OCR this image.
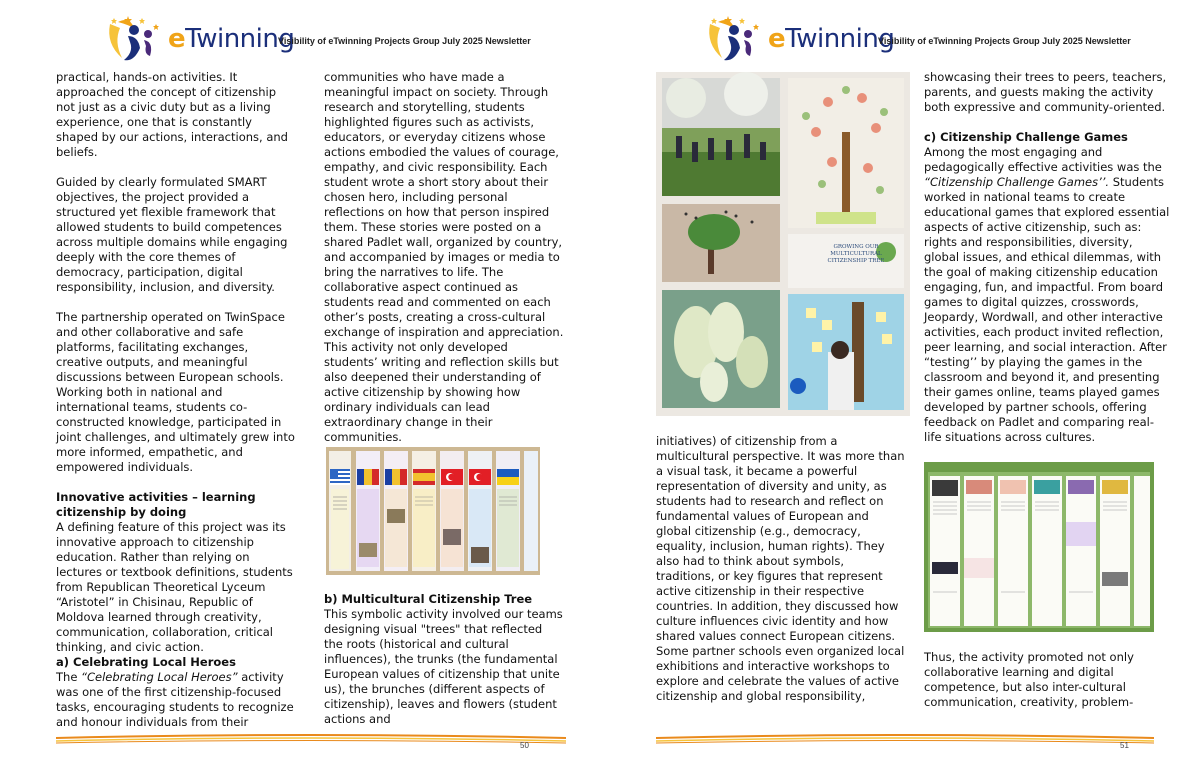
eTwinning
Visibility of eTwinning Projects Group July 2025 Newsletter

practical, hands-on activities. It approached the concept of citizenship not just as a civic duty but as a living experience, one that is constantly shaped by our actions, interactions, and beliefs.

Guided by clearly formulated SMART objectives, the project provided a structured yet flexible framework that allowed students to build competences across multiple domains while engaging deeply with the core themes of democracy, participation, digital responsibility, inclusion, and diversity.

The partnership operated on TwinSpace and other collaborative and safe platforms, facilitating exchanges, creative outputs, and meaningful discussions between European schools. Working both in national and international teams, students co-constructed knowledge, participated in joint challenges, and ultimately grew into more informed, empathetic, and empowered individuals.

Innovative activities – learning citizenship by doing

A defining feature of this project was its innovative approach to citizenship education. Rather than relying on lectures or textbook definitions, students from Republican Theoretical Lyceum “Aristotel” in Chisinau, Republic of Moldova learned through creativity, communication, collaboration, critical thinking, and civic action.

a) Celebrating Local Heroes

The “Celebrating Local Heroes” activity was one of the first citizenship-focused tasks, encouraging students to recognize and honour individuals from their

communities who have made a meaningful impact on society. Through research and storytelling, students highlighted figures such as activists, educators, or everyday citizens whose actions embodied the values of courage, empathy, and civic responsibility. Each student wrote a short story about their chosen hero, including personal reflections on how that person inspired them. These stories were posted on a shared Padlet wall, organized by country, and accompanied by images or media to bring the narratives to life. The collaborative aspect continued as students read and commented on each other’s posts, creating a cross-cultural exchange of inspiration and appreciation. This activity not only developed students’ writing and reflection skills but also deepened their understanding of active citizenship by showing how ordinary individuals can lead extraordinary change in their communities.

b) Multicultural Citizenship Tree

This symbolic activity involved our teams designing visual "trees" that reflected the roots (historical and cultural influences), the trunks (the fundamental European values of citizenship that unite us), the brunches (different aspects of citizenship), leaves and flowers (student actions and

50
eTwinning
Visibility of eTwinning Projects Group July 2025 Newsletter
GROWING OUR MULTICULTURAL CITIZENSHIP TREE

initiatives) of citizenship from a multicultural perspective. It was more than a visual task, it became a powerful representation of diversity and unity, as students had to research and reflect on fundamental values of European and global citizenship (e.g., democracy, equality, inclusion, human rights). They also had to think about symbols, traditions, or key figures that represent active citizenship in their respective countries. In addition, they discussed how culture influences civic identity and how shared values connect European citizens. Some partner schools even organized local exhibitions and interactive workshops to explore and celebrate the values of active citizenship and global responsibility,

showcasing their trees to peers, teachers, parents, and guests making the activity both expressive and community-oriented.

c) Citizenship Challenge Games

Among the most engaging and pedagogically effective activities was the “Citizenship Challenge Games’’. Students worked in national teams to create educational games that explored essential aspects of active citizenship, such as: rights and responsibilities, diversity, global issues, and ethical dilemmas, with the goal of making citizenship education engaging, fun, and impactful. From board games to digital quizzes, crosswords, Jeopardy, Wordwall, and other interactive activities, each product invited reflection, peer learning, and social interaction. After “testing’’ by playing the games in the classroom and beyond it, and presenting their games online, teams played games developed by partner schools, offering feedback on Padlet and comparing real-life situations across cultures.

Thus, the activity promoted not only collaborative learning and digital competence, but also inter-cultural communication, creativity, problem-

51
